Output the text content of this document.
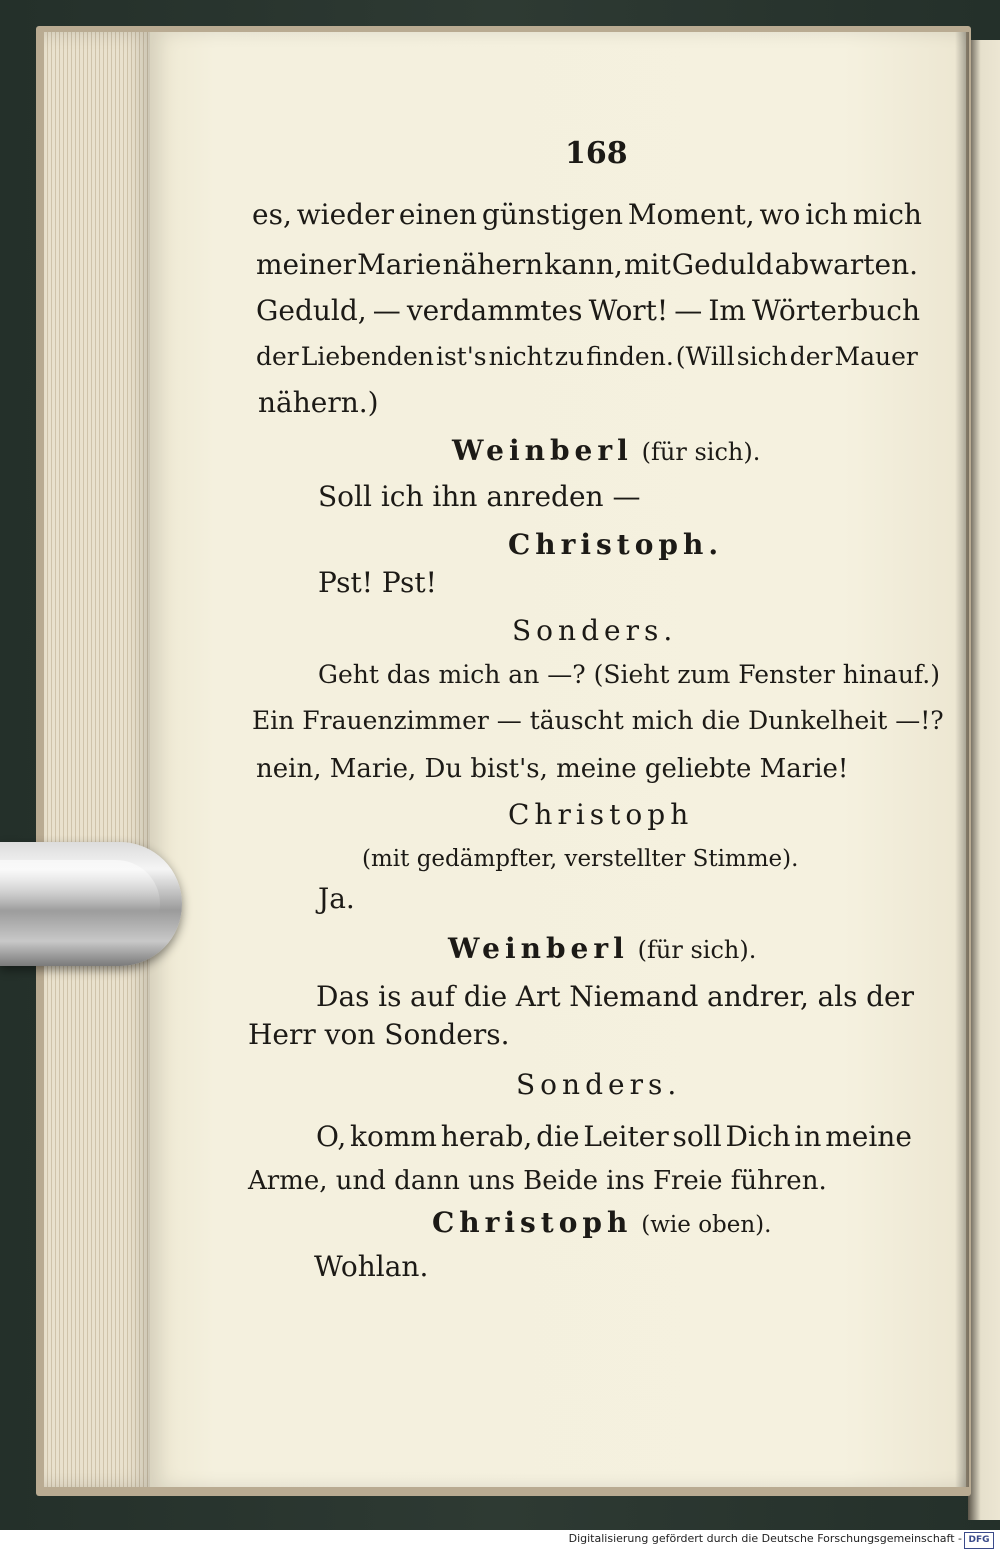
168
es, wieder einen günstigen Moment, wo ich mich
meiner Marie nähern kann, mit Geduld abwarten.
Geduld, — verdammtes Wort! — Im Wörterbuch
der Liebenden ist's nicht zu finden. (Will sich der Mauer
nähern.)
Weinberl (für sich).
Soll ich ihn anreden —
Christoph.
Pst! Pst!
Sonders.
Geht das mich an —? (Sieht zum Fenster hinauf.)
Ein Frauenzimmer — täuscht mich die Dunkelheit —!?
nein, Marie, Du bist's, meine geliebte Marie!
Christoph
(mit gedämpfter, verstellter Stimme).
Ja.
Weinberl (für sich).
Das is auf die Art Niemand andrer, als der
Herr von Sonders.
Sonders.
O, komm herab, die Leiter soll Dich in meine
Arme, und dann uns Beide ins Freie führen.
Christoph (wie oben).
Wohlan.
Digitalisierung gefördert durch die Deutsche Forschungsgemeinschaft - DFG
